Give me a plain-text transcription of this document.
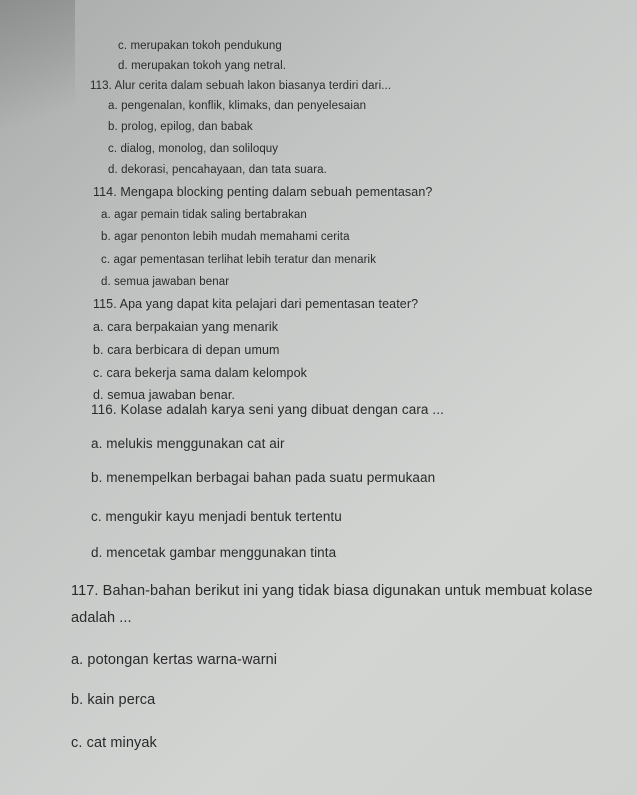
c. merupakan tokoh pendukung
d. merupakan tokoh yang netral.
113. Alur cerita dalam sebuah lakon biasanya terdiri dari...
a. pengenalan, konflik, klimaks, dan penyelesaian
b. prolog, epilog, dan babak
c. dialog, monolog, dan soliloquy
d. dekorasi, pencahayaan, dan tata suara.
114. Mengapa blocking penting dalam sebuah pementasan?
a. agar pemain tidak saling bertabrakan
b. agar penonton lebih mudah memahami cerita
c. agar pementasan terlihat lebih teratur dan menarik
d. semua jawaban benar
115. Apa yang dapat kita pelajari dari pementasan teater?
a. cara berpakaian yang menarik
b. cara berbicara di depan umum
c. cara bekerja sama dalam kelompok
d. semua jawaban benar.
116. Kolase adalah karya seni yang dibuat dengan cara ...
a. melukis menggunakan cat air
b. menempelkan berbagai bahan pada suatu permukaan
c. mengukir kayu menjadi bentuk tertentu
d. mencetak gambar menggunakan tinta
117. Bahan-bahan berikut ini yang tidak biasa digunakan untuk membuat kolase
adalah ...
a. potongan kertas warna-warni
b. kain perca
c. cat minyak
